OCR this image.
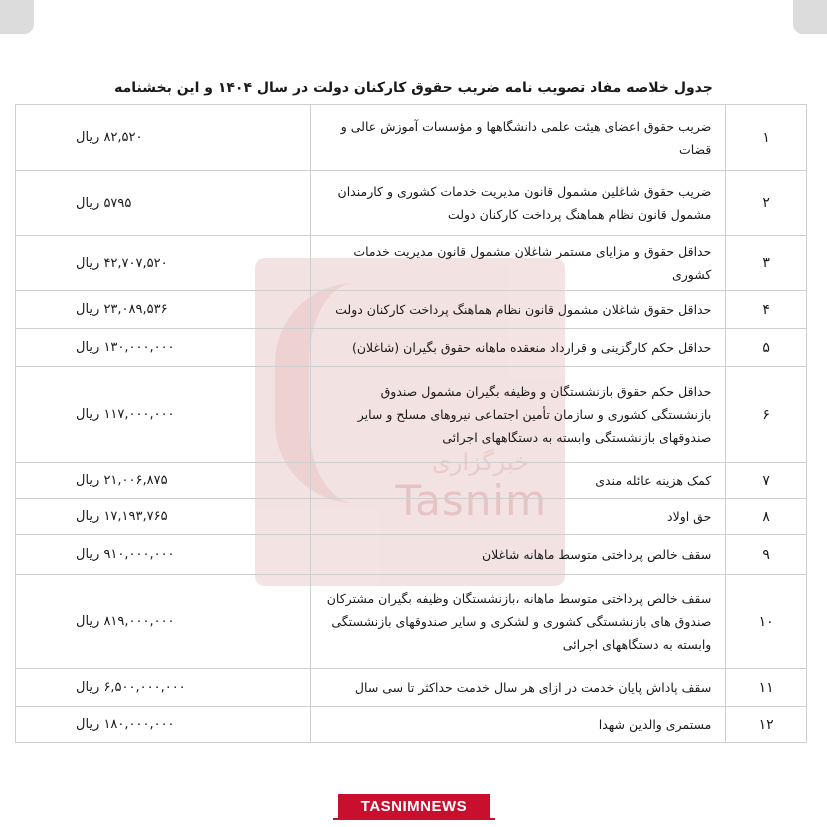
جدول خلاصه مفاد تصویب نامه ضریب حقوق کارکنان دولت در سال ۱۴۰۴ و این بخشنامه
خبرگزاری
Tasnim
۱	ضریب حقوق اعضای هیئت علمی دانشگاهها و مؤسسات آموزش عالی و قضات	۸۲,۵۲۰ ریال
۲	ضریب حقوق شاغلین مشمول قانون مدیریت خدمات کشوری و کارمندان مشمول قانون نظام هماهنگ پرداخت کارکنان دولت	۵۷۹۵ ریال
۳	حداقل حقوق و مزایای مستمر شاغلان مشمول قانون مدیریت خدمات کشوری	۴۲,۷۰۷,۵۲۰ ریال
۴	حداقل حقوق شاغلان مشمول قانون نظام هماهنگ پرداخت کارکنان دولت	۲۳,۰۸۹,۵۳۶ ریال
۵	حداقل حکم کارگزینی و قرارداد منعقده ماهانه حقوق بگیران (شاغلان)	۱۳۰,۰۰۰,۰۰۰ ریال
۶	حداقل حکم حقوق بازنشستگان و وظیفه بگیران مشمول صندوق بازنشستگی کشوری و سازمان تأمین اجتماعی نیروهای مسلح و سایر صندوقهای بازنشستگی وابسته به دستگاههای اجرائی	۱۱۷,۰۰۰,۰۰۰ ریال
۷	کمک هزینه عائله مندی	۲۱,۰۰۶,۸۷۵ ریال
۸	حق اولاد	۱۷,۱۹۳,۷۶۵ ریال
۹	سقف خالص پرداختی متوسط ماهانه شاغلان	۹۱۰,۰۰۰,۰۰۰ ریال
۱۰	سقف خالص پرداختی متوسط ماهانه ،بازنشستگان وظیفه بگیران مشترکان صندوق های بازنشستگی کشوری و لشکری و سایر صندوقهای بازنشستگی وابسته به دستگاههای اجرائی	۸۱۹,۰۰۰,۰۰۰ ریال
۱۱	سقف پاداش پایان خدمت در ازای هر سال خدمت حداکثر تا سی سال	۶,۵۰۰,۰۰۰,۰۰۰ ریال
۱۲	مستمری والدین شهدا	۱۸۰,۰۰۰,۰۰۰ ریال
TASNIMNEWS
